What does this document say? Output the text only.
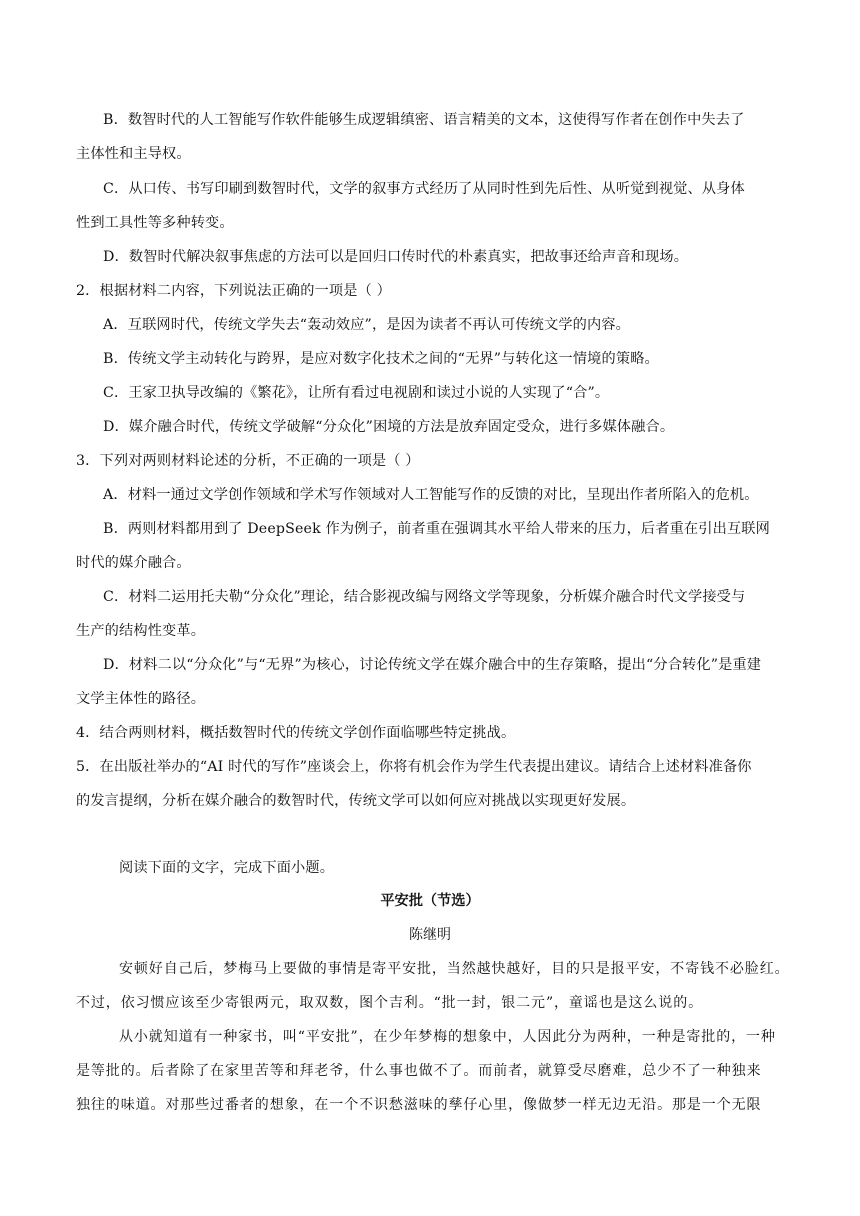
B．数智时代的人工智能写作软件能够生成逻辑缜密、语言精美的文本，这使得写作者在创作中失去了
主体性和主导权。
C．从口传、书写印刷到数智时代，文学的叙事方式经历了从同时性到先后性、从听觉到视觉、从身体
性到工具性等多种转变。
D．数智时代解决叙事焦虑的方法可以是回归口传时代的朴素真实，把故事还给声音和现场。
2．根据材料二内容，下列说法正确的一项是（ ）
A．互联网时代，传统文学失去“轰动效应”，是因为读者不再认可传统文学的内容。
B．传统文学主动转化与跨界，是应对数字化技术之间的“无界”与转化这一情境的策略。
C．王家卫执导改编的《繁花》，让所有看过电视剧和读过小说的人实现了“合”。
D．媒介融合时代，传统文学破解“分众化”困境的方法是放弃固定受众，进行多媒体融合。
3．下列对两则材料论述的分析，不正确的一项是（ ）
A．材料一通过文学创作领域和学术写作领域对人工智能写作的反馈的对比，呈现出作者所陷入的危机。
B．两则材料都用到了 DeepSeek 作为例子，前者重在强调其水平给人带来的压力，后者重在引出互联网
时代的媒介融合。
C．材料二运用托夫勒“分众化”理论，结合影视改编与网络文学等现象，分析媒介融合时代文学接受与
生产的结构性变革。
D．材料二以“分众化”与“无界”为核心，讨论传统文学在媒介融合中的生存策略，提出“分合转化”是重建
文学主体性的路径。
4．结合两则材料，概括数智时代的传统文学创作面临哪些特定挑战。
5．在出版社举办的“AI 时代的写作”座谈会上，你将有机会作为学生代表提出建议。请结合上述材料准备你
的发言提纲，分析在媒介融合的数智时代，传统文学可以如何应对挑战以实现更好发展。
阅读下面的文字，完成下面小题。
平安批（节选）
陈继明
安顿好自己后，梦梅马上要做的事情是寄平安批，当然越快越好，目的只是报平安，不寄钱不必脸红。
不过，依习惯应该至少寄银两元，取双数，图个吉利。“批一封，银二元”，童谣也是这么说的。
从小就知道有一种家书，叫“平安批”，在少年梦梅的想象中，人因此分为两种，一种是寄批的，一种
是等批的。后者除了在家里苦等和拜老爷，什么事也做不了。而前者，就算受尽磨难，总少不了一种独来
独往的味道。对那些过番者的想象，在一个不识愁滋味的孳仔心里，像做梦一样无边无沿。那是一个无限
